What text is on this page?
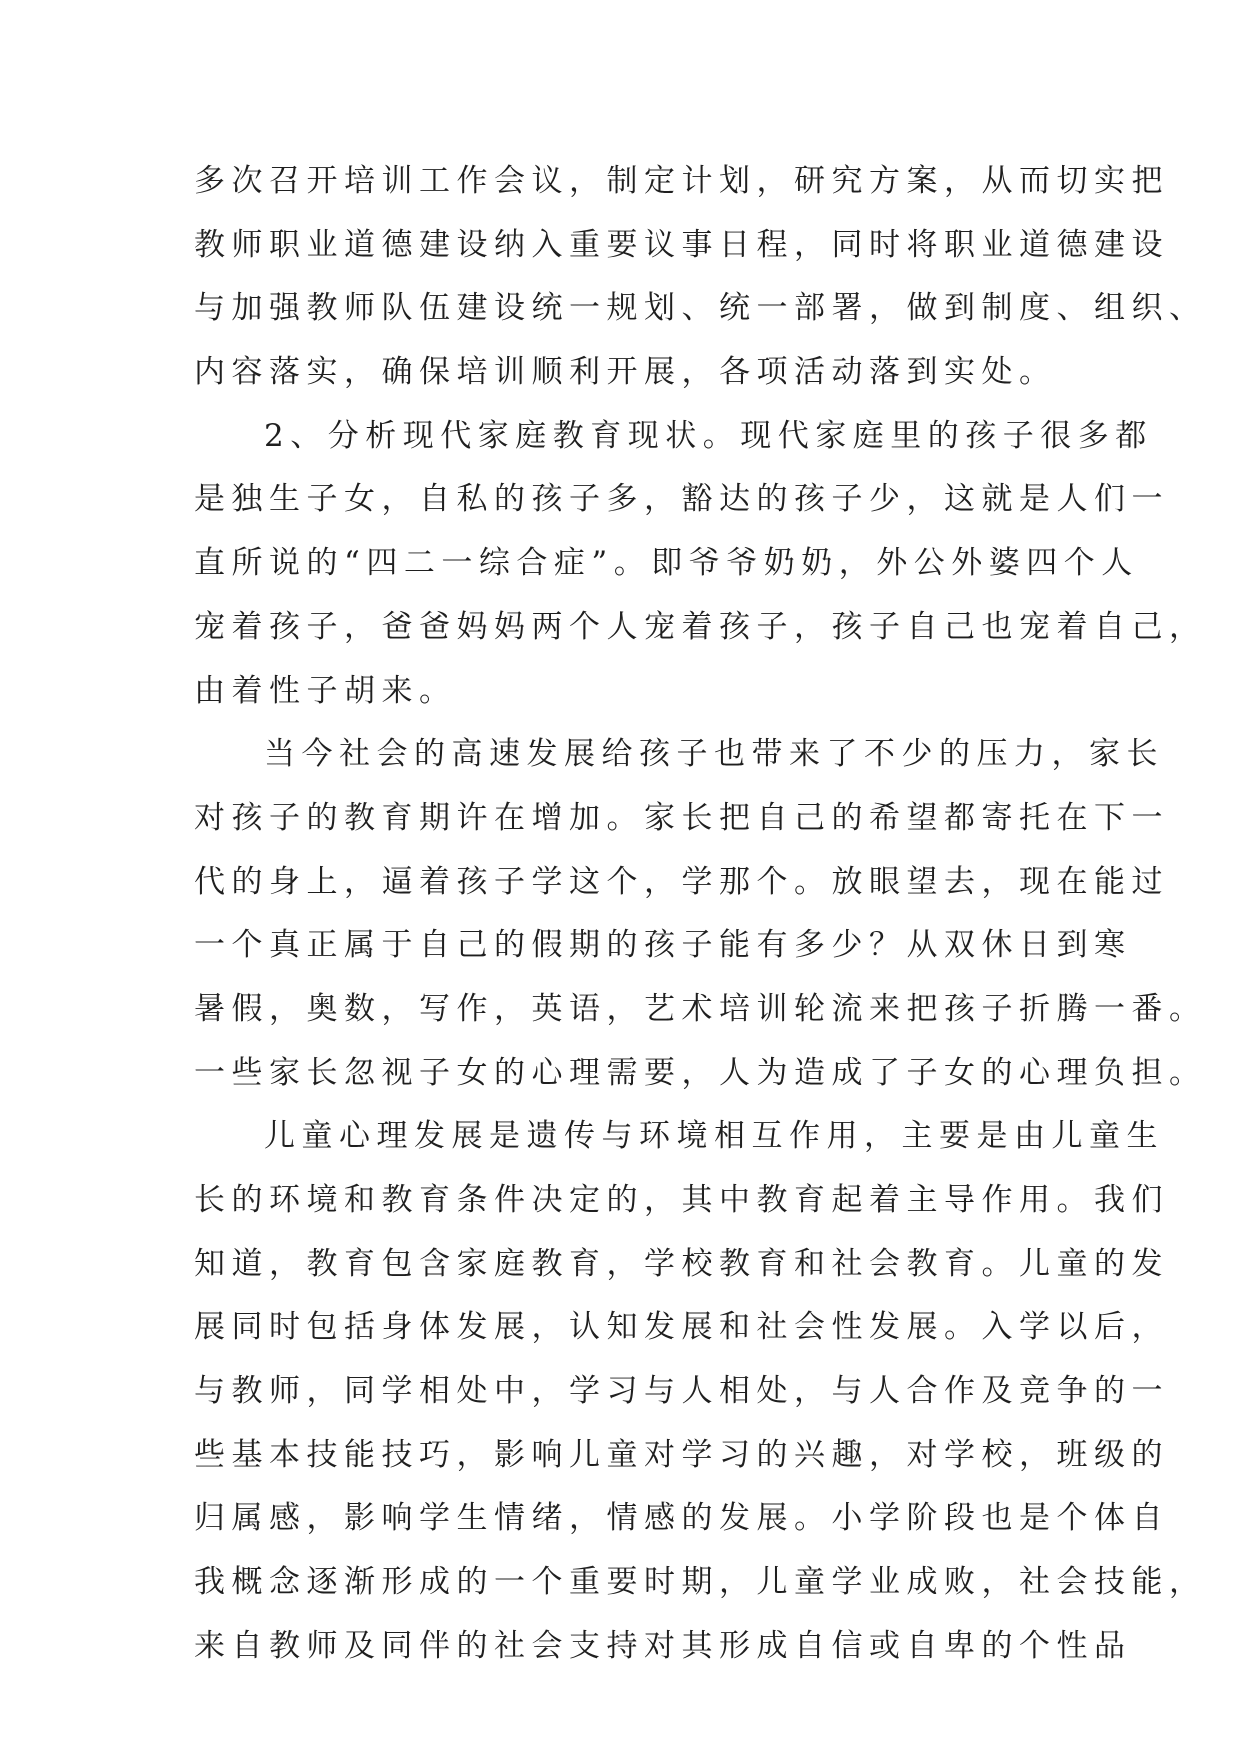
多次召开培训工作会议，制定计划，研究方案，从而切实把
教师职业道德建设纳入重要议事日程，同时将职业道德建设
与加强教师队伍建设统一规划、统一部署，做到制度、组织、
内容落实，确保培训顺利开展，各项活动落到实处。
2、分析现代家庭教育现状。现代家庭里的孩子很多都
是独生子女，自私的孩子多，豁达的孩子少，这就是人们一
直所说的“四二一综合症”。即爷爷奶奶，外公外婆四个人
宠着孩子，爸爸妈妈两个人宠着孩子，孩子自己也宠着自己，
由着性子胡来。
当今社会的高速发展给孩子也带来了不少的压力，家长
对孩子的教育期许在增加。家长把自己的希望都寄托在下一
代的身上，逼着孩子学这个，学那个。放眼望去，现在能过
一个真正属于自己的假期的孩子能有多少？从双休日到寒
暑假，奥数，写作，英语，艺术培训轮流来把孩子折腾一番。
一些家长忽视子女的心理需要，人为造成了子女的心理负担。
儿童心理发展是遗传与环境相互作用，主要是由儿童生
长的环境和教育条件决定的，其中教育起着主导作用。我们
知道，教育包含家庭教育，学校教育和社会教育。儿童的发
展同时包括身体发展，认知发展和社会性发展。入学以后，
与教师，同学相处中，学习与人相处，与人合作及竞争的一
些基本技能技巧，影响儿童对学习的兴趣，对学校，班级的
归属感，影响学生情绪，情感的发展。小学阶段也是个体自
我概念逐渐形成的一个重要时期，儿童学业成败，社会技能，
来自教师及同伴的社会支持对其形成自信或自卑的个性品
